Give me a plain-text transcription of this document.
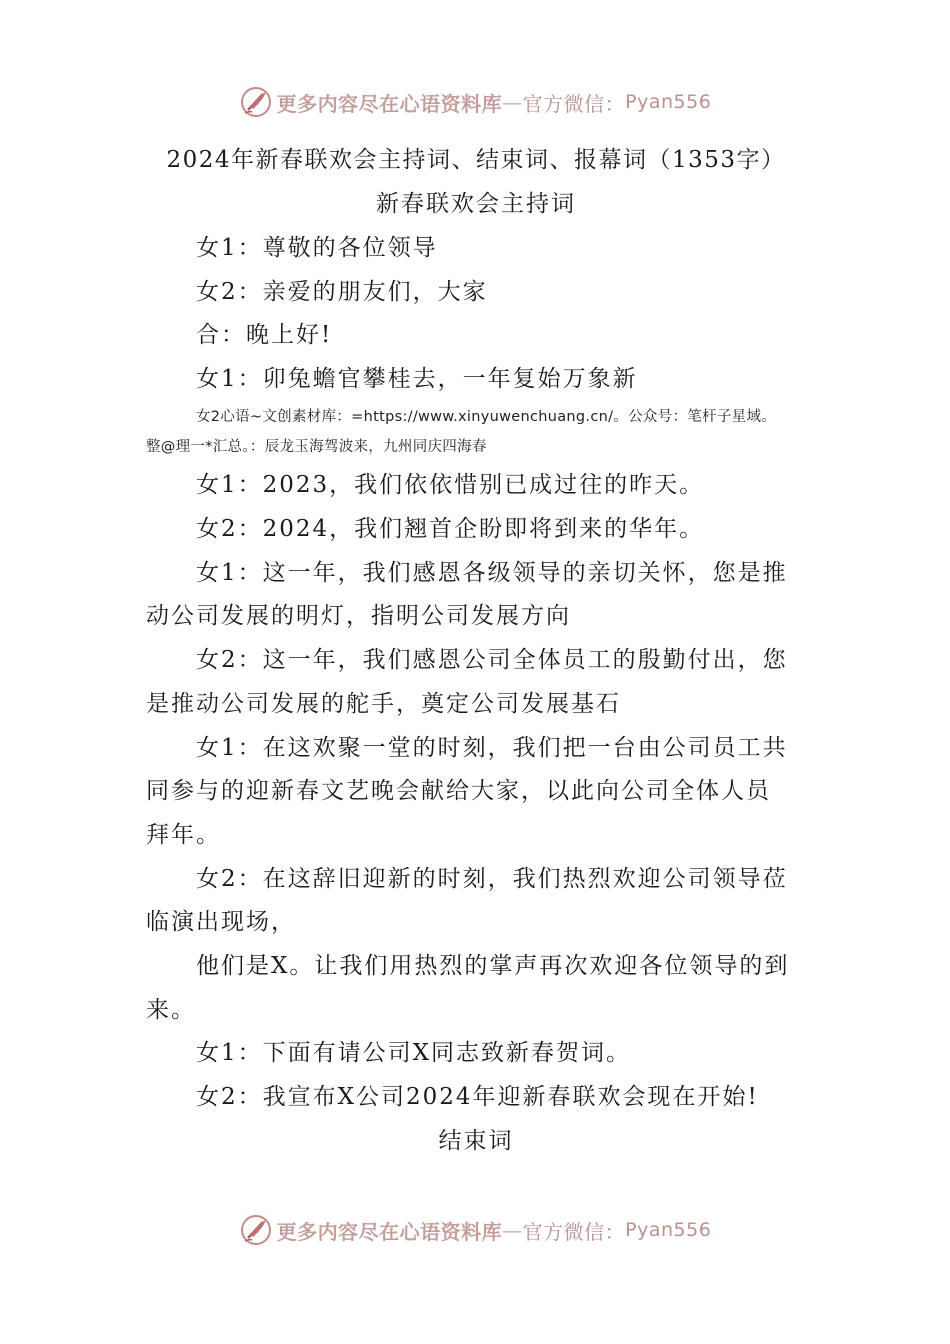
更多内容尽在心语资料库 — 官方微信： Pyan556
2024年新春联欢会主持词、结束词、报幕词（1353字）
新春联欢会主持词
女1：尊敬的各位领导
女2：亲爱的朋友们，大家
合：晚上好!
女1：卯兔蟾官攀桂去，一年复始万象新
女2心语~文创素材库：=https://www.xinyuwenchuang.cn/。公众号：笔杆子星域。
整@理一*汇总。：辰龙玉海驾波来，九州同庆四海春
女1：2023，我们依依惜别已成过往的昨天。
女2：2024，我们翘首企盼即将到来的华年。
女1：这一年，我们感恩各级领导的亲切关怀，您是推
动公司发展的明灯，指明公司发展方向
女2：这一年，我们感恩公司全体员工的殷勤付出，您
是推动公司发展的舵手，奠定公司发展基石
女1：在这欢聚一堂的时刻，我们把一台由公司员工共
同参与的迎新春文艺晚会献给大家，以此向公司全体人员
拜年。
女2：在这辞旧迎新的时刻，我们热烈欢迎公司领导莅
临演出现场，
他们是X。让我们用热烈的掌声再次欢迎各位领导的到
来。
女1：下面有请公司X同志致新春贺词。
女2：我宣布X公司2024年迎新春联欢会现在开始!
结束词
更多内容尽在心语资料库 — 官方微信： Pyan556
